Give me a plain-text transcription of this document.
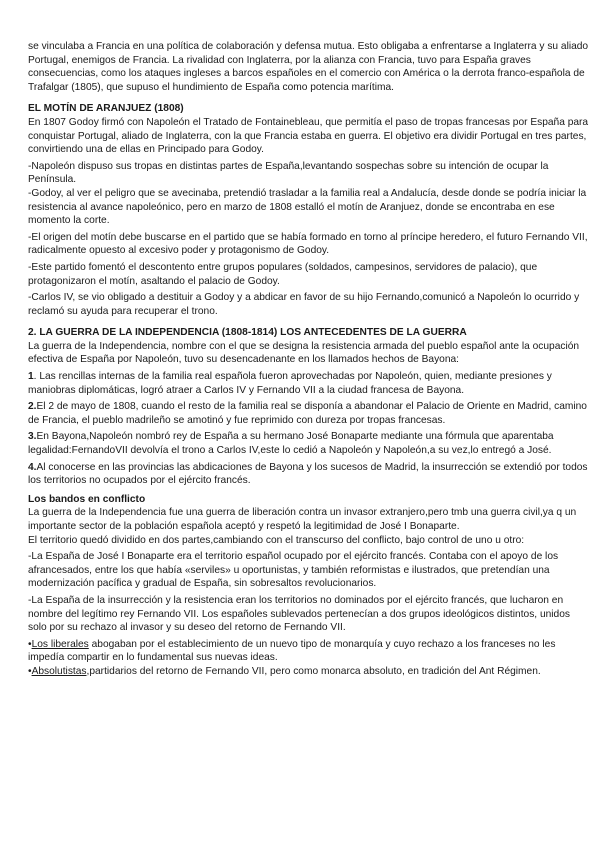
se vinculaba a Francia en una política de colaboración y defensa mutua. Esto obligaba a enfrentarse a Inglaterra y su aliado Portugal, enemigos de Francia. La rivalidad con Inglaterra, por la alianza con Francia, tuvo para España graves consecuencias, como los ataques ingleses a barcos españoles en el comercio con América o la derrota franco-española de Trafalgar (1805), que supuso el hundimiento de España como potencia marítima.

EL MOTÍN DE ARANJUEZ (1808)

En 1807 Godoy firmó con Napoleón el Tratado de Fontainebleau, que permitía el paso de tropas francesas por España para conquistar Portugal, aliado de Inglaterra, con la que Francia estaba en guerra. El objetivo era dividir Portugal en tres partes, convirtiendo una de ellas en Principado para Godoy.

-Napoleón dispuso sus tropas en distintas partes de España,levantando sospechas sobre su intención de ocupar la Península.

-Godoy, al ver el peligro que se avecinaba, pretendió trasladar a la familia real a Andalucía, desde donde se podría iniciar la resistencia al avance napoleónico, pero en marzo de 1808 estalló el motín de Aranjuez, donde se encontraba en ese momento la corte.

-El origen del motín debe buscarse en el partido que se había formado en torno al príncipe heredero, el futuro Fernando VII, radicalmente opuesto al excesivo poder y protagonismo de Godoy.

-Este partido fomentó el descontento entre grupos populares (soldados, campesinos, servidores de palacio), que protagonizaron el motín, asaltando el palacio de Godoy.

-Carlos IV, se vio obligado a destituir a Godoy y a abdicar en favor de su hijo Fernando,comunicó a Napoleón lo ocurrido y reclamó su ayuda para recuperar el trono.

2. LA GUERRA DE LA INDEPENDENCIA (1808-1814) LOS ANTECEDENTES DE LA GUERRA

La guerra de la Independencia, nombre con el que se designa la resistencia armada del pueblo español ante la ocupación efectiva de España por Napoleón, tuvo su desencadenante en los llamados hechos de Bayona:

1. Las rencillas internas de la familia real española fueron aprovechadas por Napoleón, quien, mediante presiones y maniobras diplomáticas, logró atraer a Carlos IV y Fernando VII a la ciudad francesa de Bayona.

2.El 2 de mayo de 1808, cuando el resto de la familia real se disponía a abandonar el Palacio de Oriente en Madrid, camino de Francia, el pueblo madrileño se amotinó y fue reprimido con dureza por tropas francesas.

3.En Bayona,Napoleón nombró rey de España a su hermano José Bonaparte mediante una fórmula que aparentaba legalidad:FernandoVII devolvía el trono a Carlos IV,este lo cedió a Napoleón y Napoleón,a su vez,lo entregó a José.

4.Al conocerse en las provincias las abdicaciones de Bayona y los sucesos de Madrid, la insurrección se extendió por todos los territorios no ocupados por el ejército francés.

Los bandos en conflicto

La guerra de la Independencia fue una guerra de liberación contra un invasor extranjero,pero tmb una guerra civil,ya q un importante sector de la población española aceptó y respetó la legitimidad de José I Bonaparte.

El territorio quedó dividido en dos partes,cambiando con el transcurso del conflicto, bajo control de uno u otro:

-La España de José I Bonaparte era el territorio español ocupado por el ejército francés. Contaba con el apoyo de los afrancesados, entre los que había «serviles» u oportunistas, y también reformistas e ilustrados, que pretendían una modernización pacífica y gradual de España, sin sobresaltos revolucionarios.

-La España de la insurrección y la resistencia eran los territorios no dominados por el ejército francés, que lucharon en nombre del legítimo rey Fernando VII. Los españoles sublevados pertenecían a dos grupos ideológicos distintos, unidos solo por su rechazo al invasor y su deseo del retorno de Fernando VII.

•Los liberales abogaban por el establecimiento de un nuevo tipo de monarquía y cuyo rechazo a los franceses no les impedía compartir en lo fundamental sus nuevas ideas.

•Absolutistas,partidarios del retorno de Fernando VII, pero como monarca absoluto, en tradición del Ant Régimen.
